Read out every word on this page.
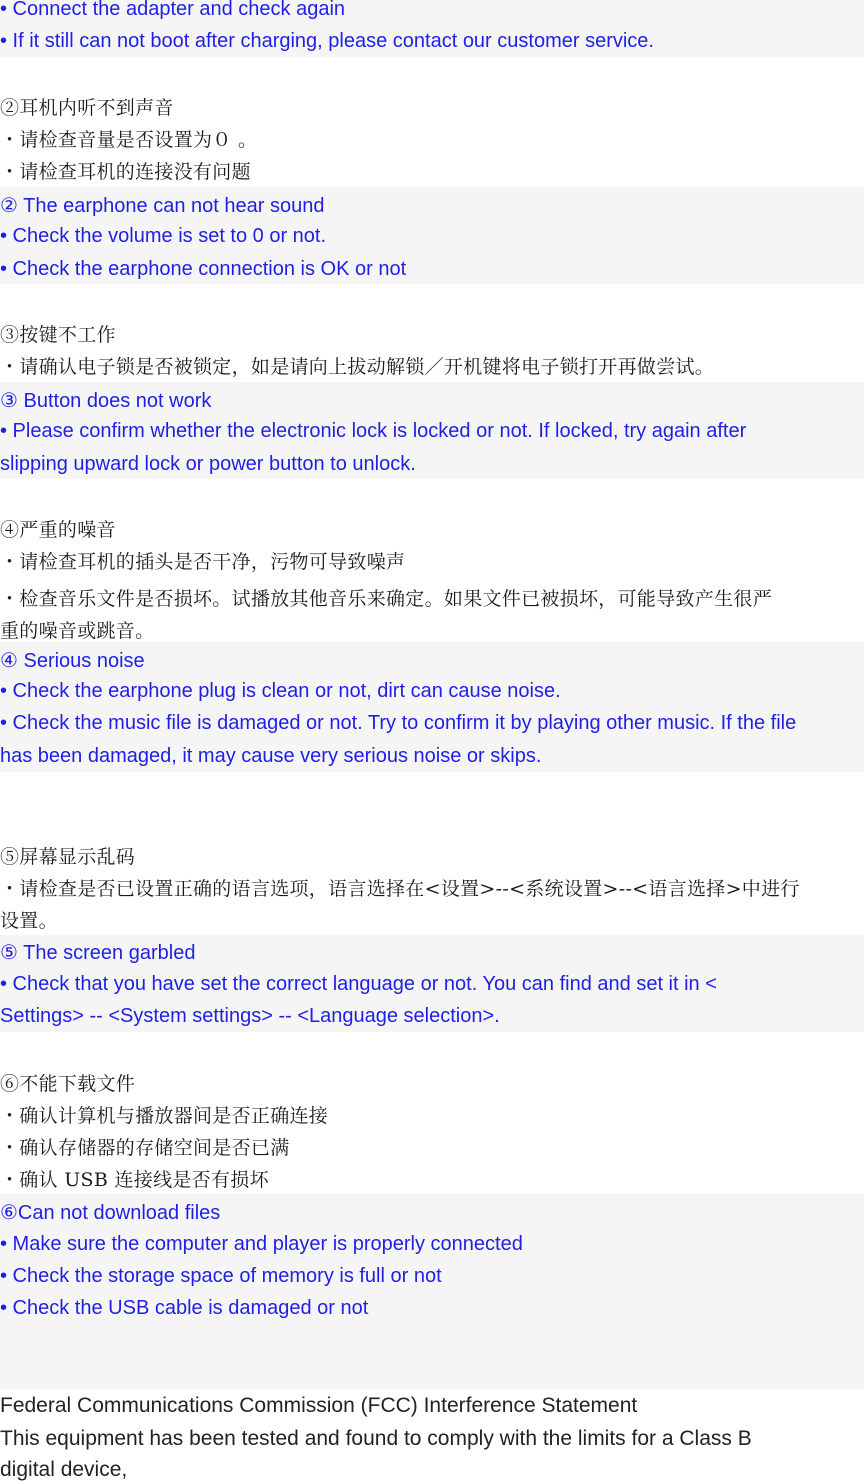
• Connect the adapter and check again
• If it still can not boot after charging, please contact our customer service.
②耳机内听不到声音
・请检查音量是否设置为０ 。
・请检查耳机的连接没有问题
② The earphone can not hear sound
• Check the volume is set to 0 or not.
• Check the earphone connection is OK or not
③按键不工作
・请确认电子锁是否被锁定，如是请向上拔动解锁／开机键将电子锁打开再做尝试。
③ Button does not work
• Please confirm whether the electronic lock is locked or not. If locked, try again after
slipping upward lock or power button to unlock.
④严重的噪音
・请检查耳机的插头是否干净，污物可导致噪声
・检查音乐文件是否损坏。试播放其他音乐来确定。如果文件已被损坏，可能导致产生很严
重的噪音或跳音。
④ Serious noise
• Check the earphone plug is clean or not, dirt can cause noise.
• Check the music file is damaged or not. Try to confirm it by playing other music. If the file
has been damaged, it may cause very serious noise or skips.
⑤屏幕显示乱码
・请检查是否已设置正确的语言选项，语言选择在<设置>--<系统设置>--<语言选择>中进行
设置。
⑤ The screen garbled
• Check that you have set the correct language or not. You can find and set it in <
Settings> -- <System settings> -- <Language selection>.
⑥不能下载文件
・确认计算机与播放器间是否正确连接
・确认存储器的存储空间是否已满
・确认 USB 连接线是否有损坏
⑥Can not download files
• Make sure the computer and player is properly connected
• Check the storage space of memory is full or not
• Check the USB cable is damaged or not
Federal Communications Commission (FCC) Interference Statement
This equipment has been tested and found to comply with the limits for a Class B
digital device,
